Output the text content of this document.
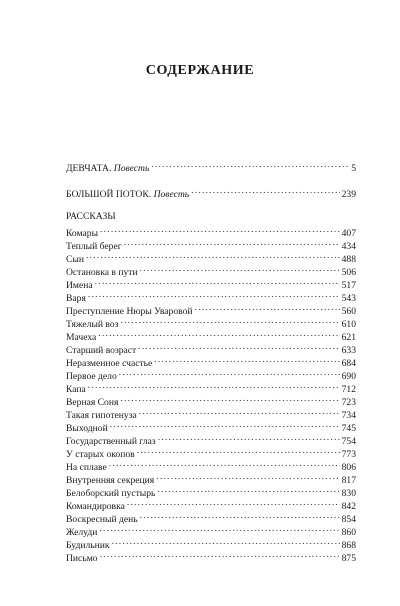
СОДЕРЖАНИЕ
ДЕВЧАТА. Повесть . . .	5
БОЛЬШОЙ ПОТОК. Повесть . . .	239
РАССКАЗЫ
Комары . . .	407
Теплый берег . . .	434
Сын . . .	488
Остановка в пути . . .	506
Имена . . .	517
Варя . . .	543
Преступление Нюры Уваровой . . .	560
Тяжелый воз . . .	610
Мачеха . . .	621
Старший возраст . . .	633
Неразменное счастье . . .	684
Первое дело . . .	690
Капа . . .	712
Верная Соня . . .	723
Такая гипотенуза . . .	734
Выходной . . .	745
Государственный глаз . . .	754
У старых окопов . . .	773
На сплаве . . .	806
Внутренняя секреция . . .	817
Белоборский пустырь . . .	830
Командировка . . .	842
Воскресный день . . .	854
Желуди . . .	860
Будильник . . .	868
Письмо . . .	875
